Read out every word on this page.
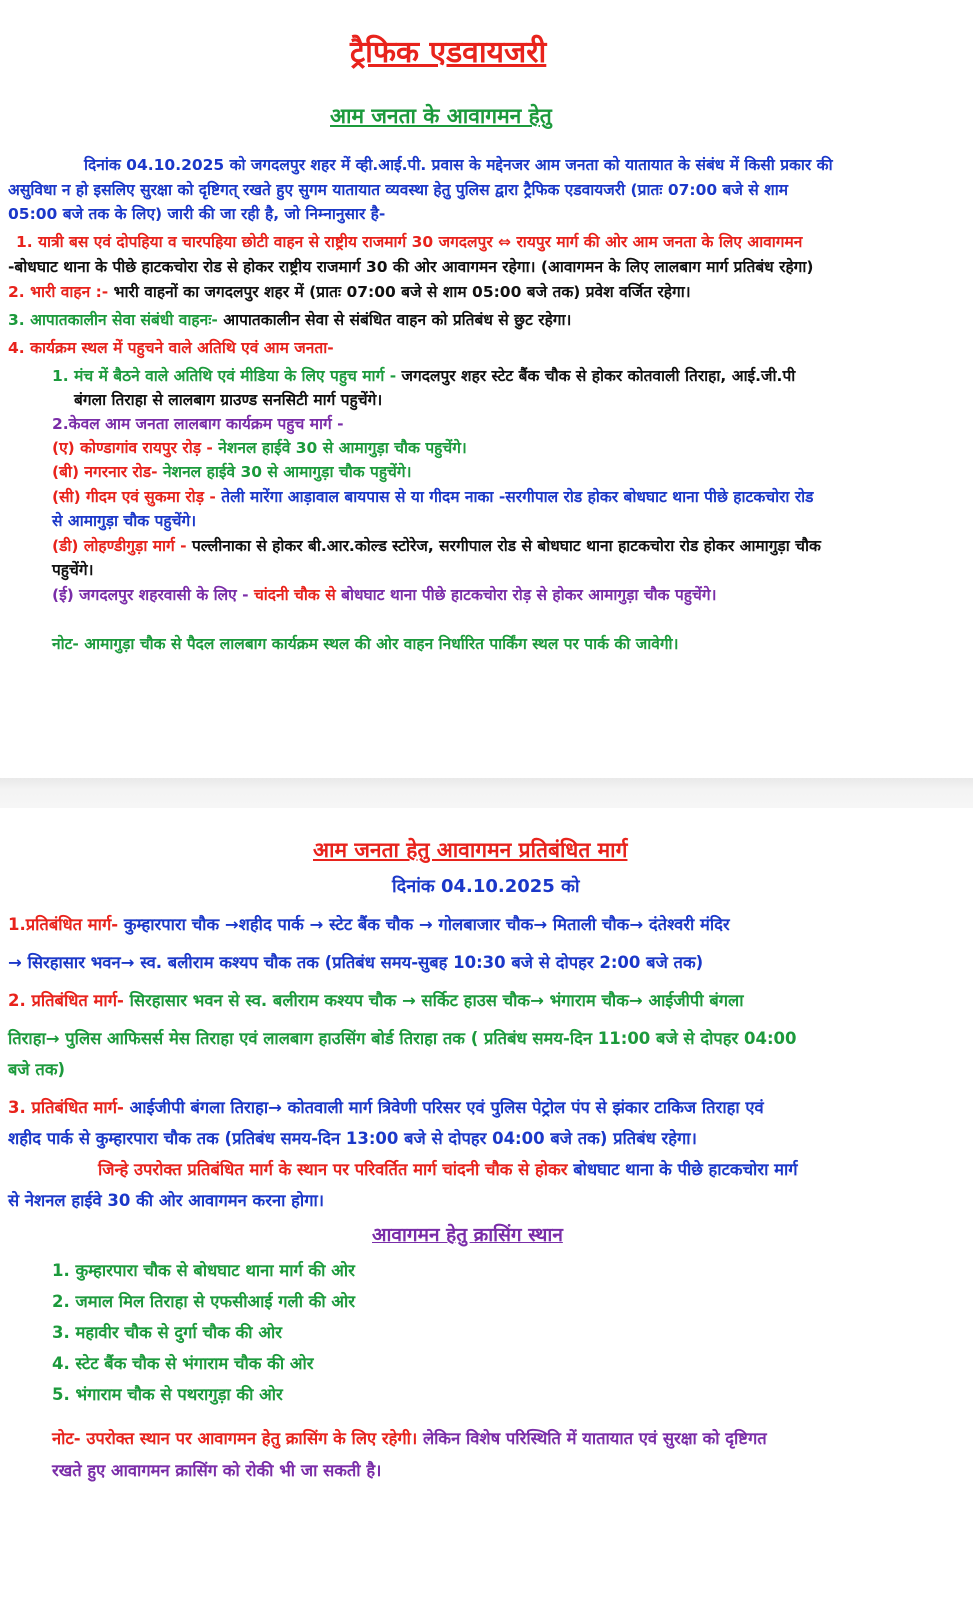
ट्रैफिक एडवायजरी
आम जनता के आवागमन हेतु
दिनांक 04.10.2025 को जगदलपुर शहर में व्ही.आई.पी. प्रवास के मद्देनजर आम जनता को यातायात के संबंध में किसी प्रकार की
असुविधा न हो इसलिए सुरक्षा को दृष्टिगत् रखते हुए सुगम यातायात व्यवस्था हेतु पुलिस द्वारा ट्रैफिक एडवायजरी (प्रातः 07:00 बजे से शाम
05:00 बजे तक के लिए) जारी की जा रही है, जो निम्नानुसार है-
1. यात्री बस एवं दोपहिया व चारपहिया छोटी वाहन से राष्ट्रीय राजमार्ग 30 जगदलपुर ⇔ रायपुर मार्ग की ओर आम जनता के लिए आवागमन
-बोधघाट थाना के पीछे हाटकचोरा रोड से होकर राष्ट्रीय राजमार्ग 30 की ओर आवागमन रहेगा। (आवागमन के लिए लालबाग मार्ग प्रतिबंध रहेगा)
2. भारी वाहन :- भारी वाहनों का जगदलपुर शहर में (प्रातः 07:00 बजे से शाम 05:00 बजे तक) प्रवेश वर्जित रहेगा।
3. आपातकालीन सेवा संबंधी वाहनः- आपातकालीन सेवा से संबंधित वाहन को प्रतिबंध से छुट रहेगा।
4. कार्यक्रम स्थल में पहुचने वाले अतिथि एवं आम जनता-
1. मंच में बैठने वाले अतिथि एवं मीडिया के लिए पहुच मार्ग - जगदलपुर शहर स्टेट बैंक चौक से होकर कोतवाली तिराहा, आई.जी.पी
बंगला तिराहा से लालबाग ग्राउण्ड सनसिटी मार्ग पहुचेंगे।
2.केवल आम जनता लालबाग कार्यक्रम पहुच मार्ग -
(ए) कोण्डागांव रायपुर रोड़ - नेशनल हाईवे 30 से आमागुड़ा चौक पहुचेंगे।
(बी) नगरनार रोड- नेशनल हाईवे 30 से आमागुड़ा चौक पहुचेंगे।
(सी) गीदम एवं सुकमा रोड़ - तेली मारेंगा आड़ावाल बायपास से या गीदम नाका -सरगीपाल रोड होकर बोधघाट थाना पीछे हाटकचोरा रोड
से आमागुड़ा चौक पहुचेंगे।
(डी) लोहण्डीगुड़ा मार्ग - पल्लीनाका से होकर बी.आर.कोल्ड स्टोरेज, सरगीपाल रोड से बोधघाट थाना हाटकचोरा रोड होकर आमागुड़ा चौक
पहुचेंगे।
(ई) जगदलपुर शहरवासी के लिए - चांदनी चौक से बोधघाट थाना पीछे हाटकचोरा रोड़ से होकर आमागुड़ा चौक पहुचेंगे।
नोट- आमागुड़ा चौक से पैदल लालबाग कार्यक्रम स्थल की ओर वाहन निर्धारित पार्किंग स्थल पर पार्क की जावेगी।
आम जनता हेतु आवागमन प्रतिबंधित मार्ग
दिनांक 04.10.2025 को
1.प्रतिबंधित मार्ग- कुम्हारपारा चौक →शहीद पार्क → स्टेट बैंक चौक → गोलबाजार चौक→ मिताली चौक→ दंतेश्वरी मंदिर
→ सिरहासार भवन→ स्व. बलीराम कश्यप चौक तक (प्रतिबंध समय-सुबह 10:30 बजे से दोपहर 2:00 बजे तक)
2. प्रतिबंधित मार्ग- सिरहासार भवन से स्व. बलीराम कश्यप चौक → सर्किट हाउस चौक→ भंगाराम चौक→ आईजीपी बंगला
तिराहा→ पुलिस आफिसर्स मेस तिराहा एवं लालबाग हाउसिंग बोर्ड तिराहा तक ( प्रतिबंध समय-दिन 11:00 बजे से दोपहर 04:00
बजे तक)
3. प्रतिबंधित मार्ग- आईजीपी बंगला तिराहा→ कोतवाली मार्ग त्रिवेणी परिसर एवं पुलिस पेट्रोल पंप से झंकार टाकिज तिराहा एवं
शहीद पार्क से कुम्हारपारा चौक तक (प्रतिबंध समय-दिन 13:00 बजे से दोपहर 04:00 बजे तक) प्रतिबंध रहेगा।
जिन्हे उपरोक्त प्रतिबंधित मार्ग के स्थान पर परिवर्तित मार्ग चांदनी चौक से होकर बोधघाट थाना के पीछे हाटकचोरा मार्ग
से नेशनल हाईवे 30 की ओर आवागमन करना होगा।
आवागमन हेतु क्रासिंग स्थान
1. कुम्हारपारा चौक से बोधघाट थाना मार्ग की ओर
2. जमाल मिल तिराहा से एफसीआई गली की ओर
3. महावीर चौक से दुर्गा चौक की ओर
4. स्टेट बैंक चौक से भंगाराम चौक की ओर
5. भंगाराम चौक से पथरागुड़ा की ओर
नोट- उपरोक्त स्थान पर आवागमन हेतु क्रासिंग के लिए रहेगी। लेकिन विशेष परिस्थिति में यातायात एवं सुरक्षा को दृष्टिगत
रखते हुए आवागमन क्रासिंग को रोकी भी जा सकती है।
